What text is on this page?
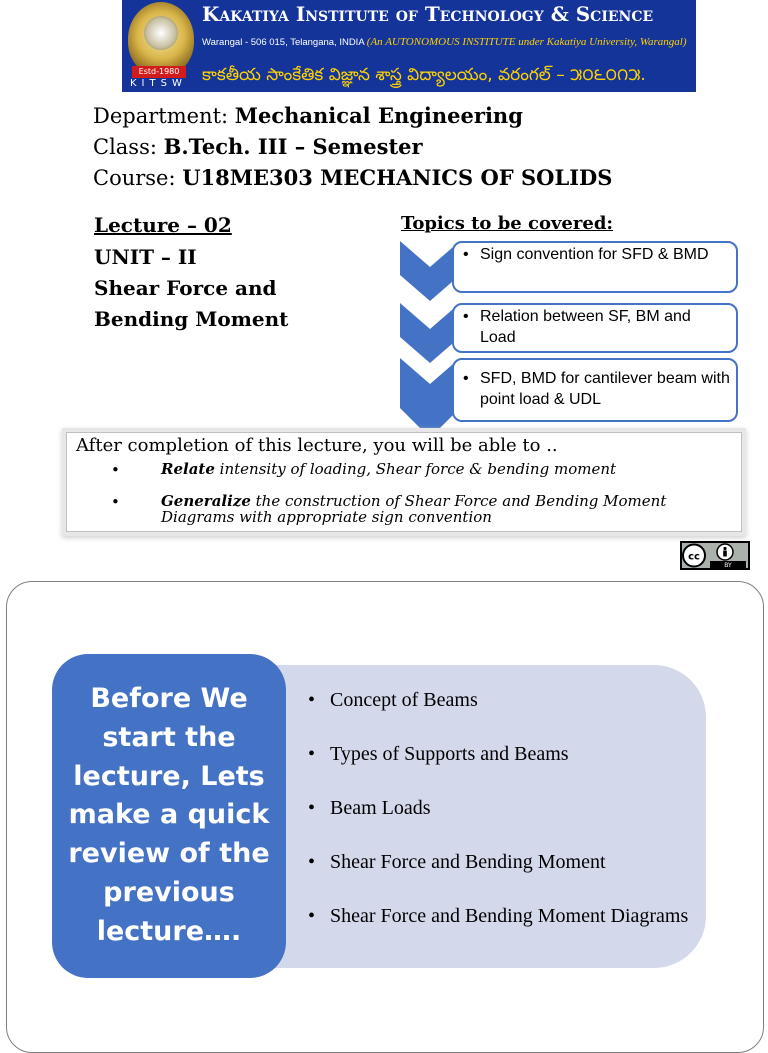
Estd-1980
KITSW
Kakatiya Institute of Technology & Science
Warangal - 506 015, Telangana, INDIA (An AUTONOMOUS INSTITUTE under Kakatiya University, Warangal)
కాకతీయ సాంకేతిక విజ్ఞాన శాస్త్ర విద్యాలయం, వరంగల్ – ౫౦౬౦౧౫.
Department: Mechanical Engineering
Class: B.Tech. III – Semester
Course: U18ME303 MECHANICS OF SOLIDS
Lecture – 02
UNIT – II
Shear Force and
Bending Moment
Topics to be covered:
• Sign convention for SFD & BMD
• Relation between SF, BM and Load
• SFD, BMD for cantilever beam with point load & UDL
After completion of this lecture, you will be able to ..
•	Relate intensity of loading, Shear force & bending moment
•	Generalize the construction of Shear Force and Bending Moment Diagrams with appropriate sign convention
cc
BY
• Concept of Beams
• Types of Supports and Beams
• Beam Loads
• Shear Force and Bending Moment
• Shear Force and Bending Moment Diagrams
Before We start the lecture, Lets make a quick review of the previous lecture….
